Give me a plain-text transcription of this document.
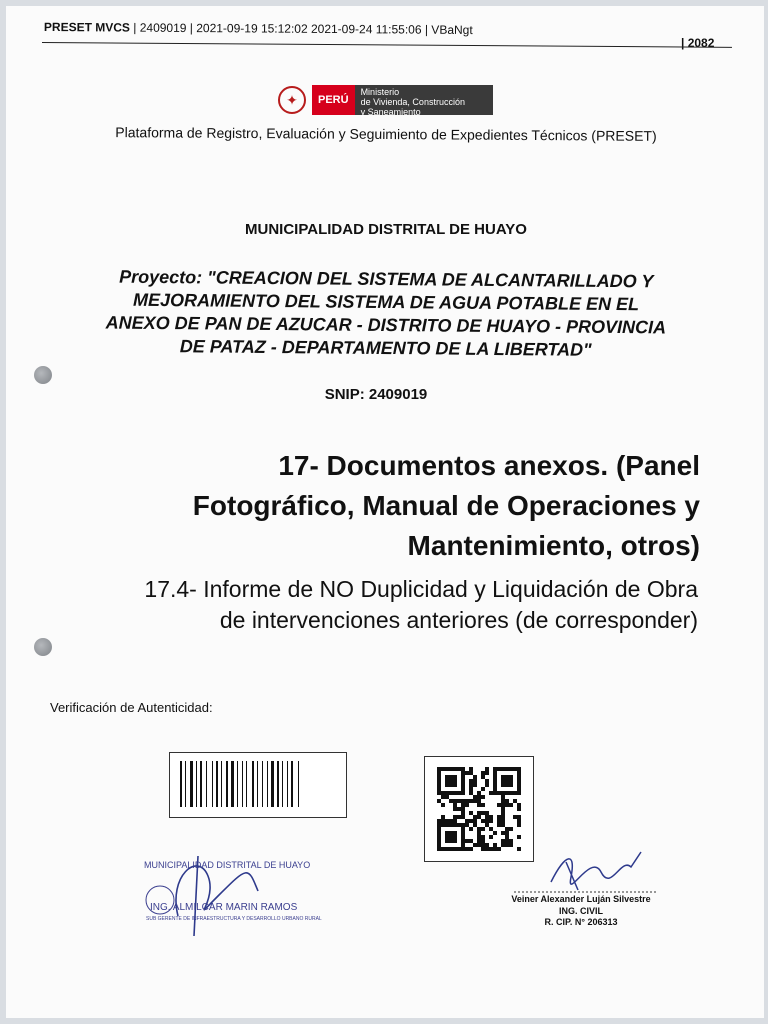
PRESET MVCS | 2409019 | 2021-09-19 15:12:02 2021-09-24 11:55:06 | VBaNgt
| 2082
✦	PERÚ
Ministerio
de Vivienda, Construcción
y Saneamiento
Plataforma de Registro, Evaluación y Seguimiento de Expedientes Técnicos (PRESET)
MUNICIPALIDAD DISTRITAL DE HUAYO
Proyecto: "CREACION DEL SISTEMA DE ALCANTARILLADO Y
MEJORAMIENTO DEL SISTEMA DE AGUA POTABLE EN EL
ANEXO DE PAN DE AZUCAR - DISTRITO DE HUAYO - PROVINCIA
DE PATAZ - DEPARTAMENTO DE LA LIBERTAD"
SNIP: 2409019
17- Documentos anexos. (Panel
Fotográfico, Manual de Operaciones y
Mantenimiento, otros)
17.4- Informe de NO Duplicidad y Liquidación de Obra
de intervenciones anteriores (de corresponder)
Verificación de Autenticidad:
MUNICIPALIDAD DISTRITAL DE HUAYO
ING. ALMILCAR MARIN RAMOS
SUB GERENTE DE INFRAESTRUCTURA Y DESARROLLO URBANO RURAL
Veiner Alexander Luján Silvestre
ING. CIVIL
R. CIP. N° 206313
